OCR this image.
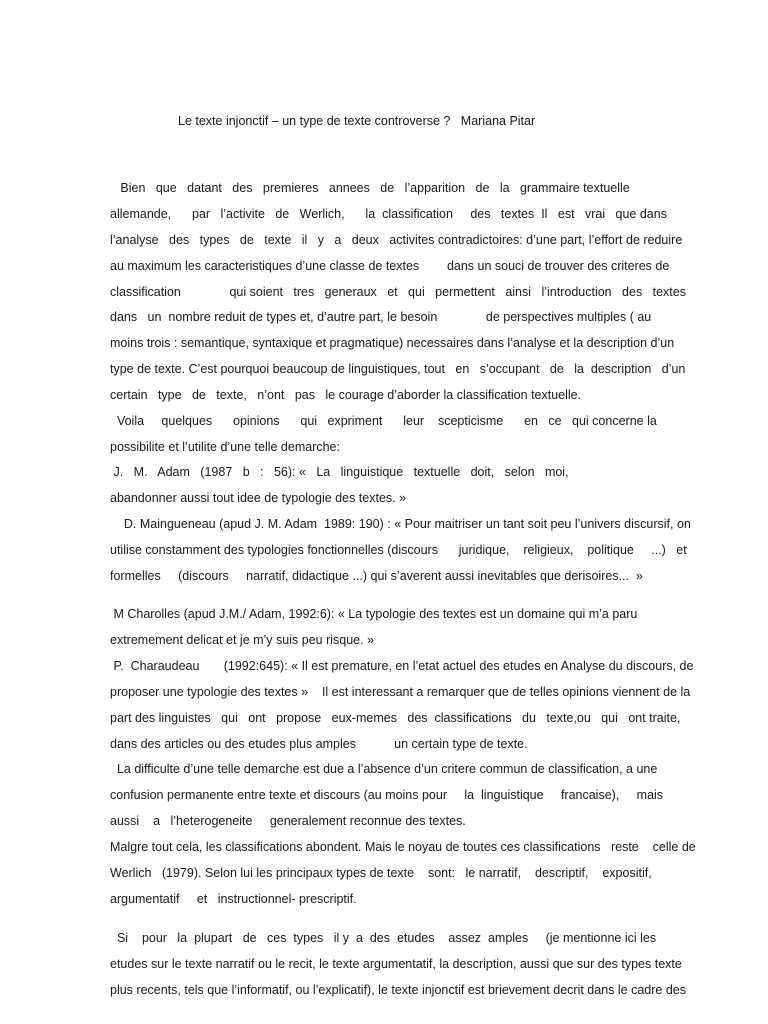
Le texte injonctif – un type de texte controverse ?   Mariana Pitar
Bien   que   datant   des   premieres   annees   de   l’apparition   de   la   grammaire textuelle
allemande,      par   l’activite   de   Werlich,      la  classification     des   textes  Il   est   vrai   que dans
l’analyse   des   types   de   texte   il   y   a   deux   activites contradictoires: d’une part, l’effort de reduire
au maximum les caracteristiques d’une classe de textes        dans un souci de trouver des criteres de
classification              qui soient   tres   generaux   et   qui   permettent   ainsi   l’introduction   des   textes
dans   un  nombre reduit de types et, d’autre part, le besoin              de perspectives multiples ( au
moins trois : semantique, syntaxique et pragmatique) necessaires dans l’analyse et la description d’un
type de texte. C’est pourquoi beaucoup de linguistiques, tout   en   s’occupant   de   la  description   d’un
certain   type   de   texte,   n’ont   pas   le courage d’aborder la classification textuelle.
Voila     quelques      opinions      qui   expriment      leur    scepticisme      en   ce   qui concerne la
possibilite et l’utilite d’une telle demarche:
J.   M.   Adam   (1987   b   :   56): «   La   linguistique   textuelle   doit,   selon   moi,
abandonner aussi tout idee de typologie des textes. »
D. Maingueneau (apud J. M. Adam  1989: 190) : « Pour maitriser un tant soit peu l’univers discursif, on
utilise constamment des typologies fonctionnelles (discours      juridique,    religieux,    politique     ...)   et
formelles     (discours     narratif, didactique ...) qui s’averent aussi inevitables que derisoires...  »
M Charolles (apud J.M./ Adam, 1992:6): « La typologie des textes est un domaine qui m’a paru
extremement delicat et je m’y suis peu risque. »
P.  Charaudeau       (1992:645): « Il est premature, en l’etat actuel des etudes en Analyse du discours, de
proposer une typologie des textes »    Il est interessant a remarquer que de telles opinions viennent de la
part des linguistes   qui   ont   propose   eux-memes   des  classifications   du   texte,ou   qui   ont traite,
dans des articles ou des etudes plus amples           un certain type de texte.
La difficulte d’une telle demarche est due a l’absence d’un critere commun de classification, a une
confusion permanente entre texte et discours (au moins pour     la  linguistique     francaise),     mais
aussi    a   l’heterogeneite     generalement reconnue des textes.
Malgre tout cela, les classifications abondent. Mais le noyau de toutes ces classifications   reste    celle de
Werlich   (1979). Selon lui les principaux types de texte    sont:   le narratif,    descriptif,    expositif,
argumentatif     et   instructionnel- prescriptif.
Si    pour   la  plupart   de   ces  types   il y  a  des  etudes    assez  amples     (je mentionne ici les
etudes sur le texte narratif ou le recit, le texte argumentatif, la description, aussi que sur des types texte
plus recents, tels que l’informatif, ou l’explicatif), le texte injonctif est brievement decrit dans le cadre des
